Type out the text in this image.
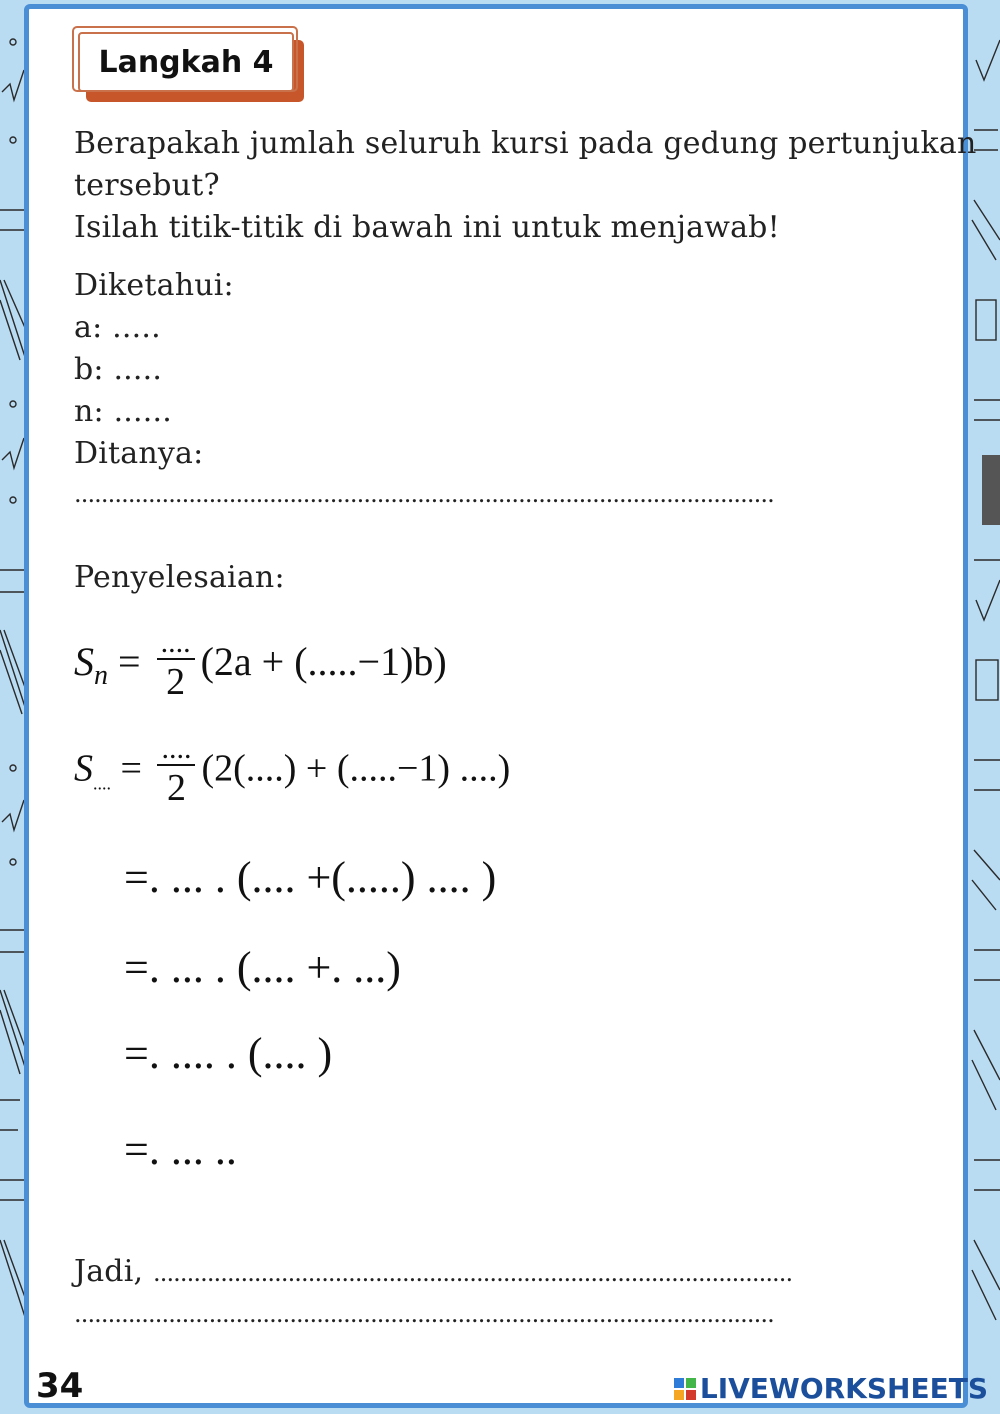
Langkah 4
Berapakah jumlah seluruh kursi pada gedung pertunjukan
tersebut?
Isilah titik-titik di bawah ini untuk menjawab!
Diketahui:
a: .....
b: .....
n: ......
Ditanya:
........................................................................................................
Penyelesaian:
$S_n = \frac{....}{2} (2a + (.....-1)b)$
$S_{....} = \frac{....}{2} (2(....) + (.....-1)$ ....)
=. ... . (.... +(.....) .... )
=. ... . (.... +. ...)
=. .... . (.... )
=. ... ..
Jadi, ...............................................................................................
........................................................................................................
34	LIVEWORKSHEETS
